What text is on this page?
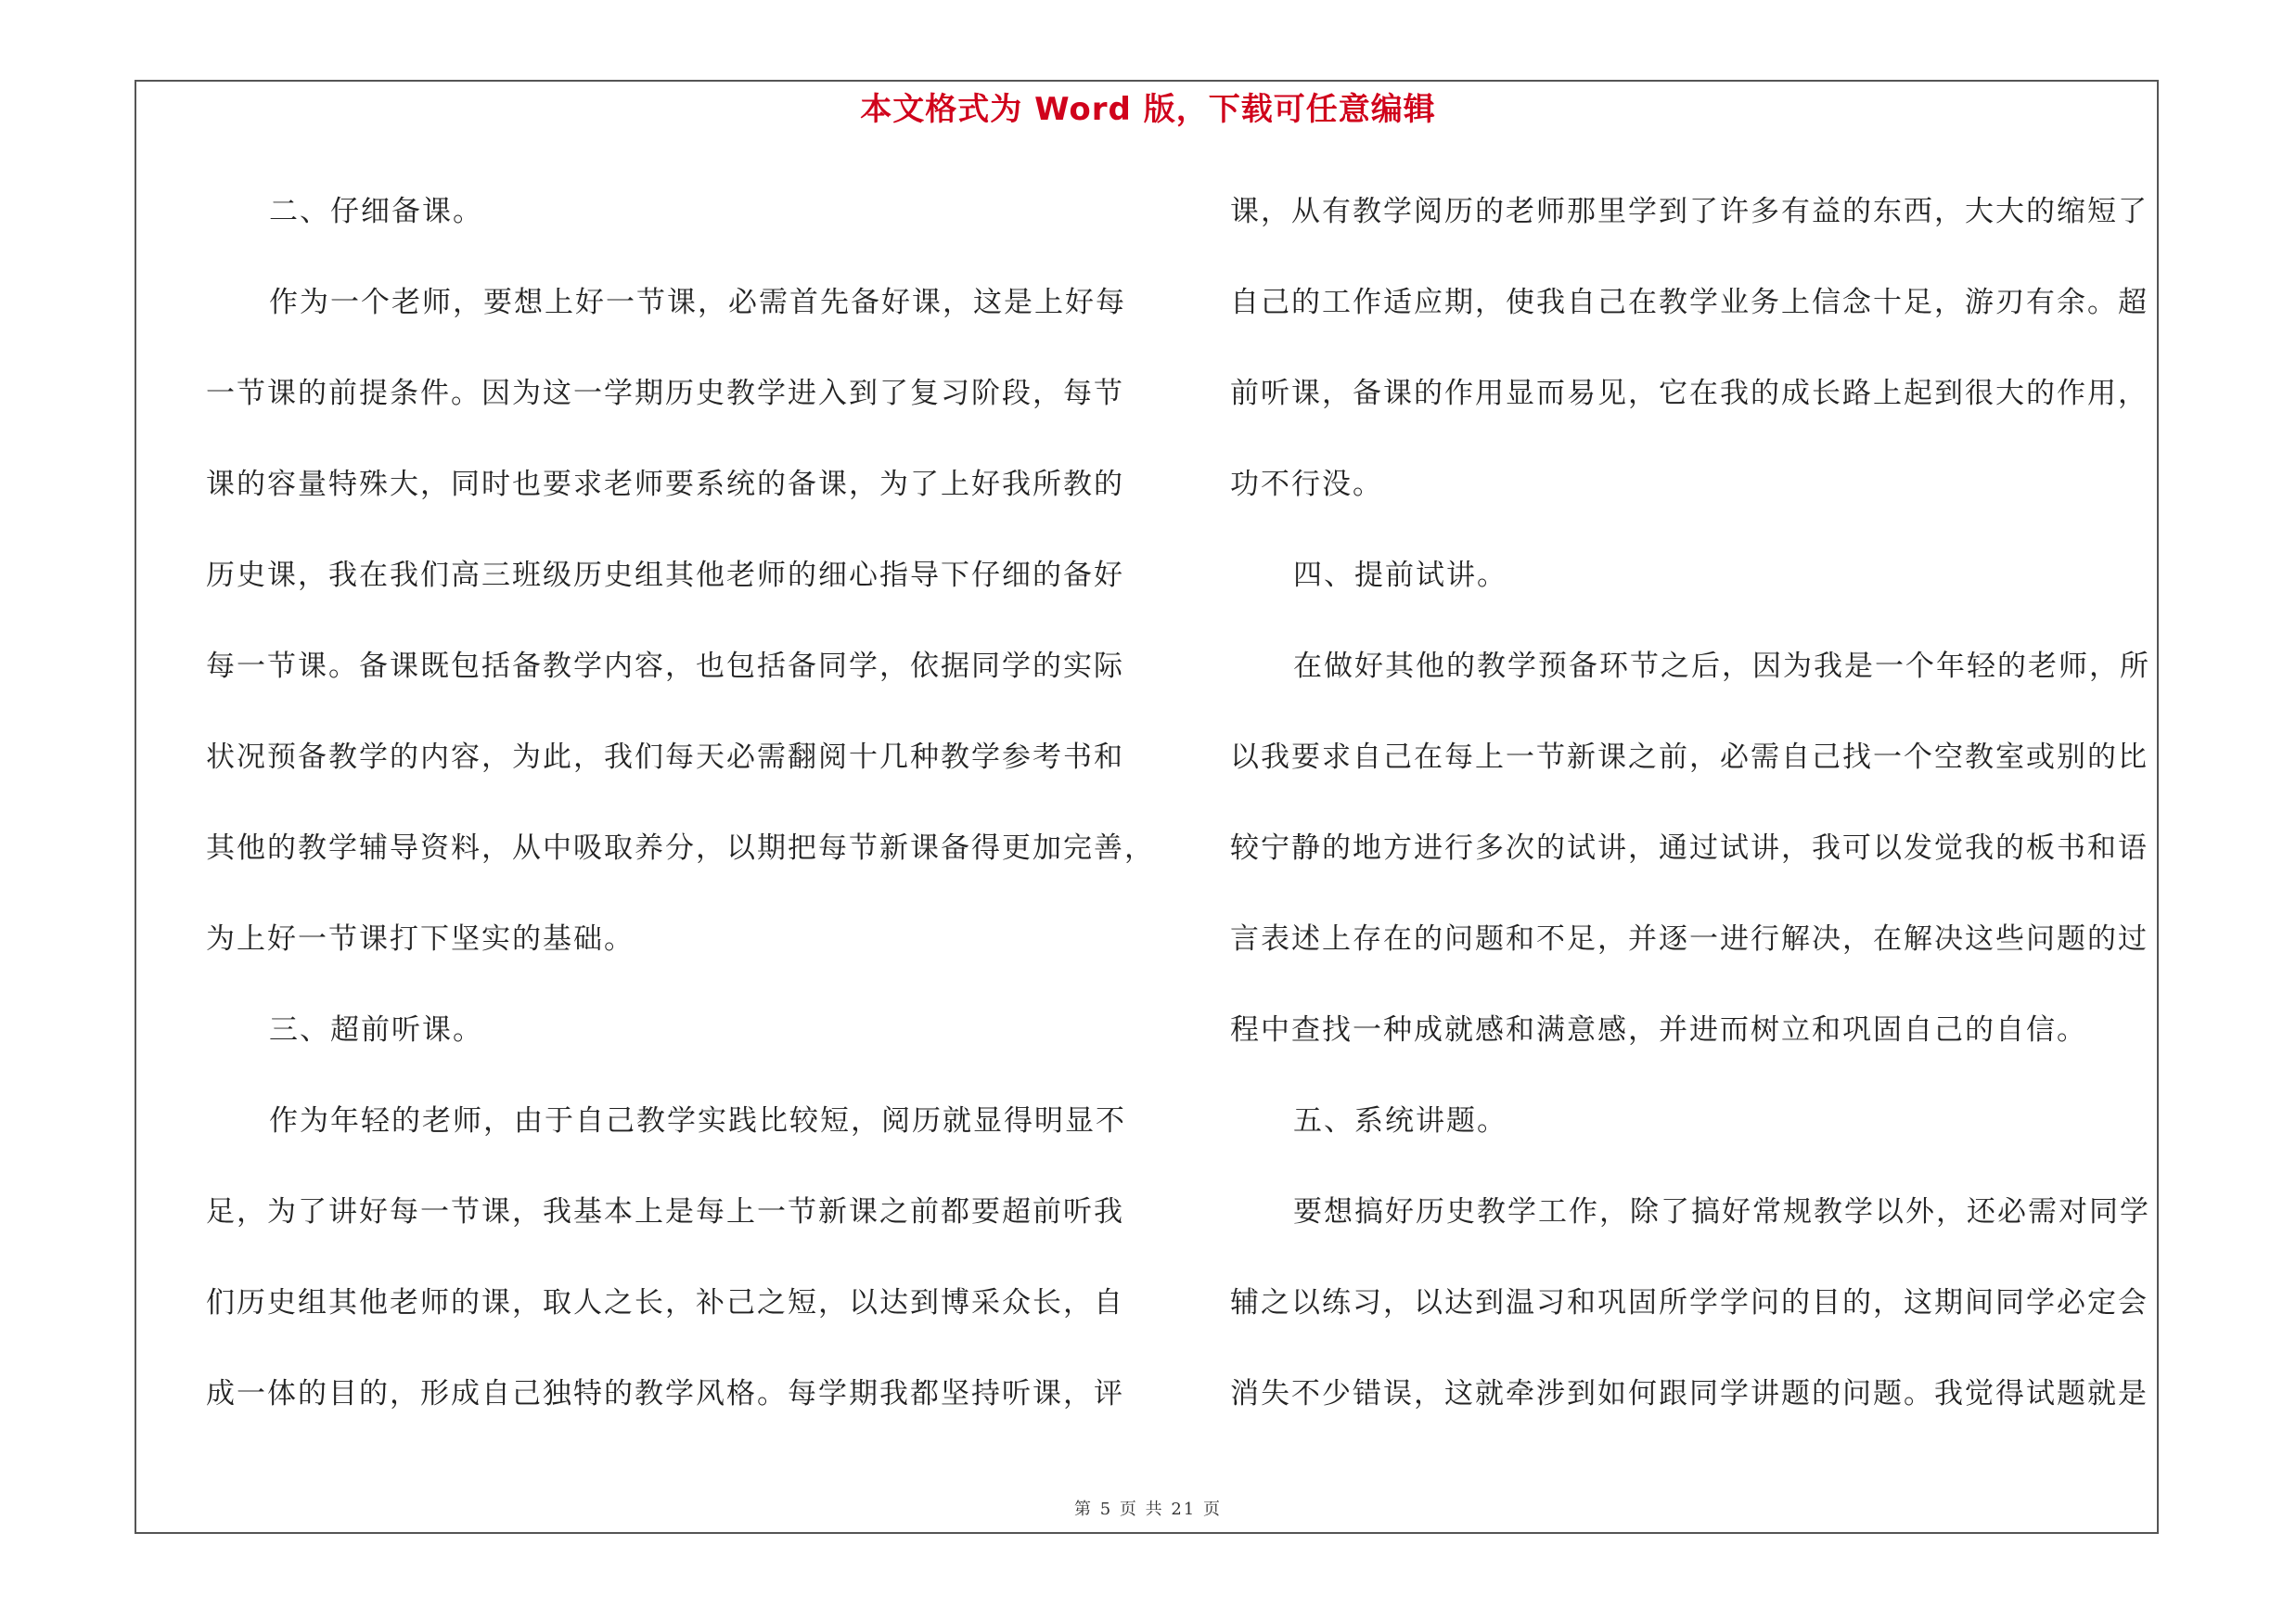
本文格式为 Word 版，下载可任意编辑
二、仔细备课。
作为一个老师，要想上好一节课，必需首先备好课，这是上好每
一节课的前提条件。因为这一学期历史教学进入到了复习阶段，每节
课的容量特殊大，同时也要求老师要系统的备课，为了上好我所教的
历史课，我在我们高三班级历史组其他老师的细心指导下仔细的备好
每一节课。备课既包括备教学内容，也包括备同学，依据同学的实际
状况预备教学的内容，为此，我们每天必需翻阅十几种教学参考书和
其他的教学辅导资料，从中吸取养分，以期把每节新课备得更加完善，
为上好一节课打下坚实的基础。
三、超前听课。
作为年轻的老师，由于自己教学实践比较短，阅历就显得明显不
足，为了讲好每一节课，我基本上是每上一节新课之前都要超前听我
们历史组其他老师的课，取人之长，补己之短，以达到博采众长，自
成一体的目的，形成自己独特的教学风格。每学期我都坚持听课，评
课，从有教学阅历的老师那里学到了许多有益的东西，大大的缩短了
自己的工作适应期，使我自己在教学业务上信念十足，游刃有余。超
前听课，备课的作用显而易见，它在我的成长路上起到很大的作用，
功不行没。
四、提前试讲。
在做好其他的教学预备环节之后，因为我是一个年轻的老师，所
以我要求自己在每上一节新课之前，必需自己找一个空教室或别的比
较宁静的地方进行多次的试讲，通过试讲，我可以发觉我的板书和语
言表述上存在的问题和不足，并逐一进行解决，在解决这些问题的过
程中查找一种成就感和满意感，并进而树立和巩固自己的自信。
五、系统讲题。
要想搞好历史教学工作，除了搞好常规教学以外，还必需对同学
辅之以练习，以达到温习和巩固所学学问的目的，这期间同学必定会
消失不少错误，这就牵涉到如何跟同学讲题的问题。我觉得试题就是
第 5 页 共 21 页
